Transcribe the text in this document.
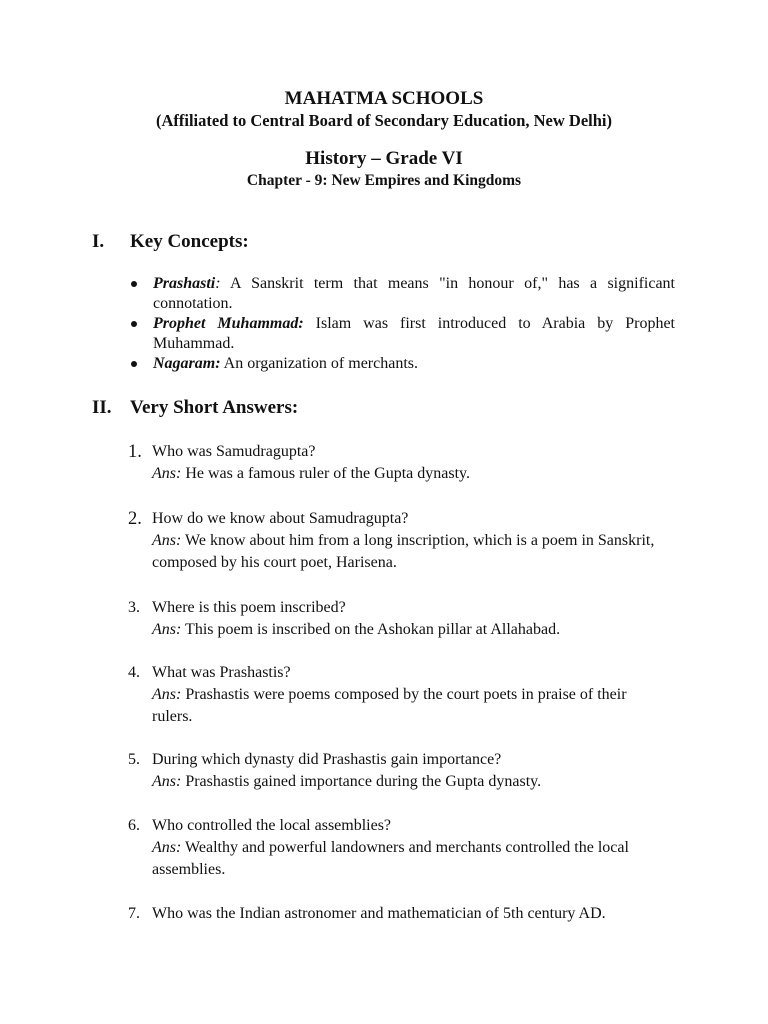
MAHATMA SCHOOLS
(Affiliated to Central Board of Secondary Education, New Delhi)
History – Grade VI
Chapter - 9: New Empires and Kingdoms
I.	Key Concepts:
Prashasti: A Sanskrit term that means "in honour of," has a significant connotation.
Prophet Muhammad: Islam was first introduced to Arabia by Prophet Muhammad.
Nagaram: An organization of merchants.
II. Very Short Answers:
1. Who was Samudragupta?
Ans: He was a famous ruler of the Gupta dynasty.
2. How do we know about Samudragupta?
Ans: We know about him from a long inscription, which is a poem in Sanskrit, composed by his court poet, Harisena.
3. Where is this poem inscribed?
Ans: This poem is inscribed on the Ashokan pillar at Allahabad.
4. What was Prashastis?
Ans: Prashastis were poems composed by the court poets in praise of their rulers.
5. During which dynasty did Prashastis gain importance?
Ans: Prashastis gained importance during the Gupta dynasty.
6. Who controlled the local assemblies?
Ans: Wealthy and powerful landowners and merchants controlled the local assemblies.
7. Who was the Indian astronomer and mathematician of 5th century AD.
